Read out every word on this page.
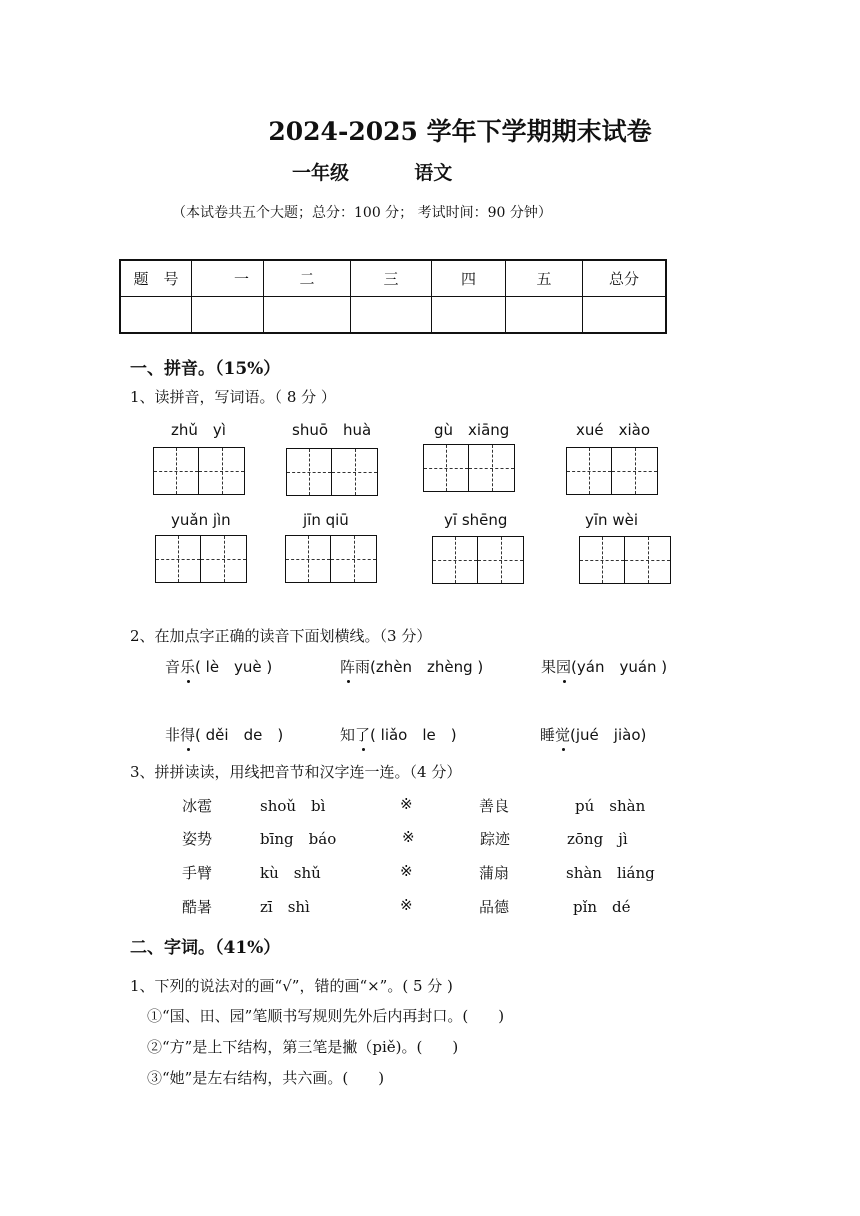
2024-2025 学年下学期期末试卷
一年级	语文
（本试卷共五个大题；总分：100 分； 考试时间：90 分钟）
题　号	一	二	三	四	五	总分

一、拼音。（15%）
1、读拼音，写词语。（ 8 分 ）
zhǔ　yì	shuō　huà	gù　xiāng	xué　xiào
yuǎn jìn	jīn qiū	yī shēng	yīn wèi
2、在加点字正确的读音下面划横线。（3 分）
音乐( lè　yuè )	阵雨(zhèn　zhèng )	果园(yán　yuán )
非得( děi　de　)	知了( liǎo　le　)	睡觉(jué　jiào)
3、拼拼读读，用线把音节和汉字连一连。（4 分）
冰雹	shoǔ　bì	※	善良	pú　shàn
姿势	bīng　báo	※	踪迹	zōng　jì
手臂	kù　shǔ	※	蒲扇	shàn　liáng
酷暑	zī　shì	※	品德	pǐn　dé
二、字词。（41%）
1、下列的说法对的画“√”，错的画“×”。( 5 分 )
①“国、田、园”笔顺书写规则先外后内再封口。(　　)
②“方”是上下结构，第三笔是撇（piě)。(　　)
③“她”是左右结构，共六画。(　　)
